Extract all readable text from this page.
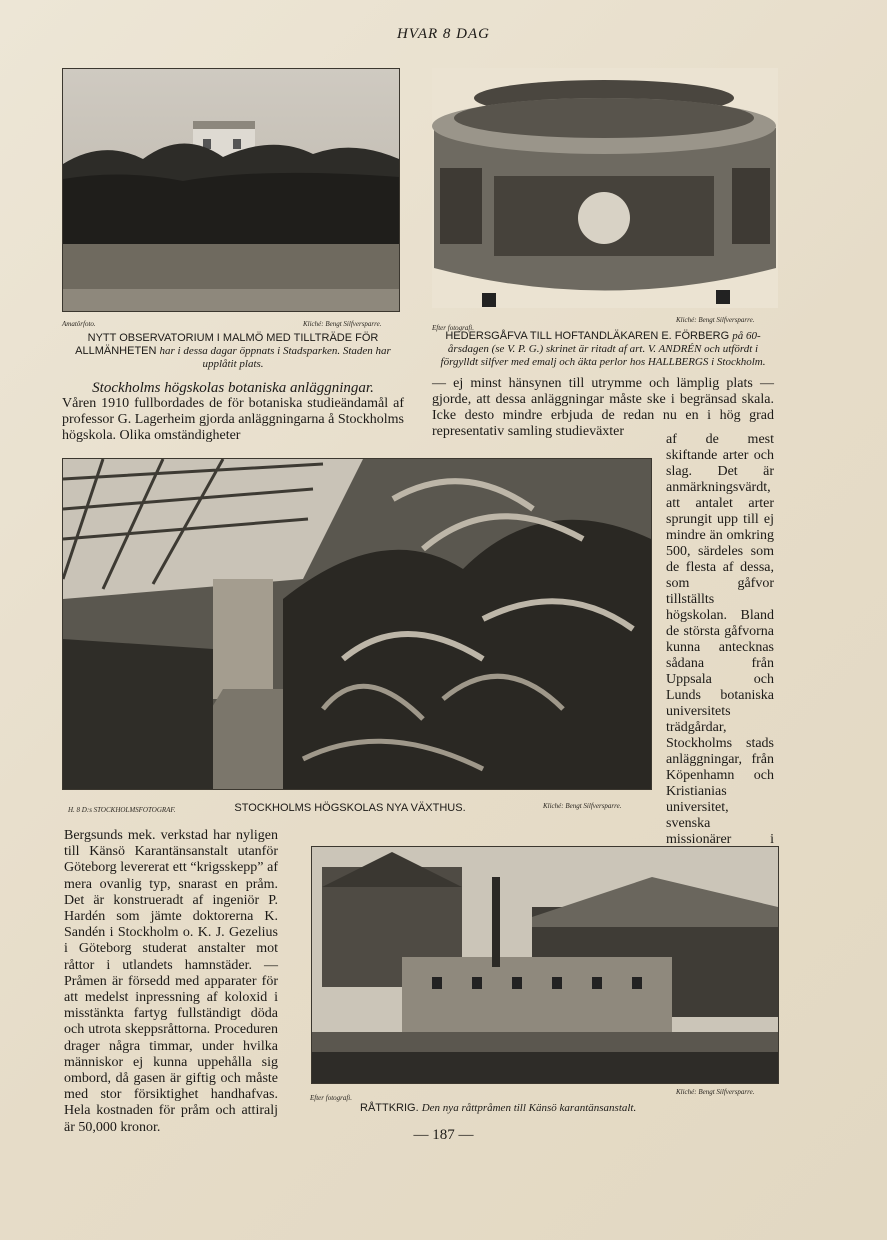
HVAR 8 DAG
Amatörfoto.	Kliché: Bengt Silfversparre.
NYTT OBSERVATORIUM I MALMÖ MED TILLTRÄDE FÖR ALLMÄNHETEN har i dessa dagar öppnats i Stadsparken. Staden har upplåtit plats.
Efter fotografi.
Kliché: Bengt Silfversparre.
HEDERSGÅFVA TILL HOFTANDLÄKAREN E. FÖRBERG på 60-årsdagen (se V. P. G.) skrinet är ritadt af art. V. ANDRÉN och utfördt i förgylldt silfver med emalj och äkta perlor hos HALLBERGS i Stockholm.

Stockholms högskolas botaniska anläggningar.

Våren 1910 fullbordades de för botaniska studieändamål af professor G. Lagerheim gjorda anläggningarna å Stockholms högskola. Olika omständigheter

— ej minst hänsynen till utrymme och lämplig plats — gjorde, att dessa anläggningar måste ske i begränsad skala. Icke desto mindre erbjuda de redan nu en i hög grad representativ samling studieväxter

af de mest skiftande arter och slag. Det är anmärkningsvärdt, att antalet arter sprungit upp till ej mindre än omkring 500, särdeles som de flesta af dessa, som gåfvor tillställts högskolan. Bland de största gåfvorna kunna antecknas sådana från Uppsala och Lunds botaniska universitets trädgårdar, Stockholms stads anläggningar, från Köpenhamn och Kristianias universitet, svenska missionärer i

H. 8 D:s STOCKHOLMSFOTOGRAF.	STOCKHOLMS HÖGSKOLAS NYA VÄXTHUS.	Kliché: Bengt Silfversparre.

Bergsunds mek. verkstad har nyligen till Känsö Karantänsanstalt utanför Göteborg levererat ett “krigsskepp” af mera ovanlig typ, snarast en pråm. Det är konstrueradt af ingeniör P. Hardén som jämte doktorerna K. Sandén i Stockholm o. K. J. Gezelius i Göteborg studerat anstalter mot råttor i utlandets hamnstäder. — Pråmen är försedd med apparater för att medelst inpressning af koloxid i misstänkta fartyg fullständigt döda och utrota skeppsråttorna. Proceduren drager några timmar, under hvilka människor ej kunna uppehålla sig ombord, då gasen är giftig och måste med stor försiktighet handhafvas. Hela kostnaden för pråm och attiralj är 50,000 kronor.

Efter fotografi.
Kliché: Bengt Silfversparre.
RÅTTKRIG. Den nya råttpråmen till Känsö karantänsanstalt.
— 187 —
